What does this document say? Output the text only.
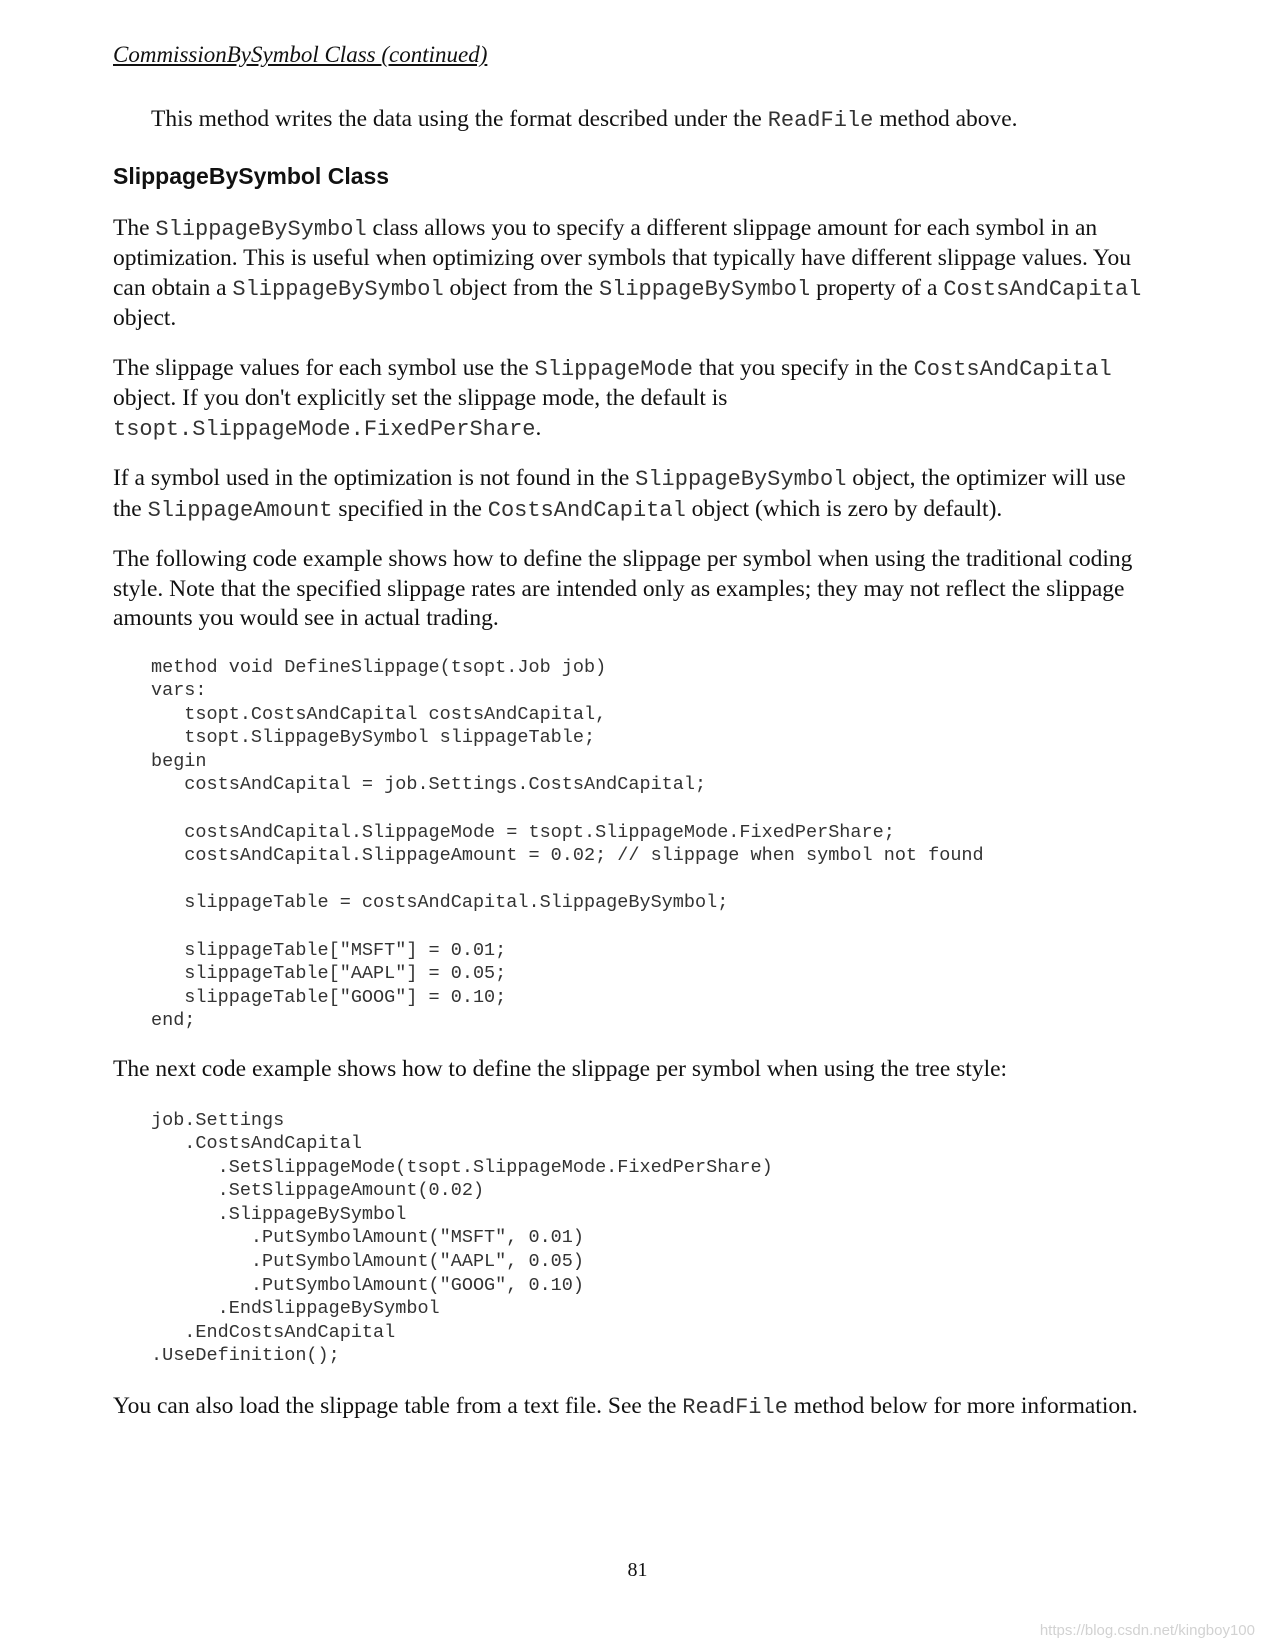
CommissionBySymbol Class (continued)

This method writes the data using the format described under the ReadFile method above.

SlippageBySymbol Class

The SlippageBySymbol class allows you to specify a different slippage amount for each symbol in an optimization. This is useful when optimizing over symbols that typically have different slippage values. You can obtain a SlippageBySymbol object from the SlippageBySymbol property of a CostsAndCapital object.

The slippage values for each symbol use the SlippageMode that you specify in the CostsAndCapital object. If you don't explicitly set the slippage mode, the default is tsopt.SlippageMode.FixedPerShare.

If a symbol used in the optimization is not found in the SlippageBySymbol object, the optimizer will use the SlippageAmount specified in the CostsAndCapital object (which is zero by default).

The following code example shows how to define the slippage per symbol when using the traditional coding style. Note that the specified slippage rates are intended only as examples; they may not reflect the slippage amounts you would see in actual trading.

method void DefineSlippage(tsopt.Job job)
vars:
tsopt.CostsAndCapital costsAndCapital,
tsopt.SlippageBySymbol slippageTable;
begin
costsAndCapital = job.Settings.CostsAndCapital;

costsAndCapital.SlippageMode = tsopt.SlippageMode.FixedPerShare;
costsAndCapital.SlippageAmount = 0.02; // slippage when symbol not found

slippageTable = costsAndCapital.SlippageBySymbol;

slippageTable["MSFT"] = 0.01;
slippageTable["AAPL"] = 0.05;
slippageTable["GOOG"] = 0.10;
end;

The next code example shows how to define the slippage per symbol when using the tree style:

job.Settings
.CostsAndCapital
.SetSlippageMode(tsopt.SlippageMode.FixedPerShare)
.SetSlippageAmount(0.02)
.SlippageBySymbol
.PutSymbolAmount("MSFT", 0.01)
.PutSymbolAmount("AAPL", 0.05)
.PutSymbolAmount("GOOG", 0.10)
.EndSlippageBySymbol
.EndCostsAndCapital
.UseDefinition();

You can also load the slippage table from a text file. See the ReadFile method below for more information.

81
https://blog.csdn.net/kingboy100
